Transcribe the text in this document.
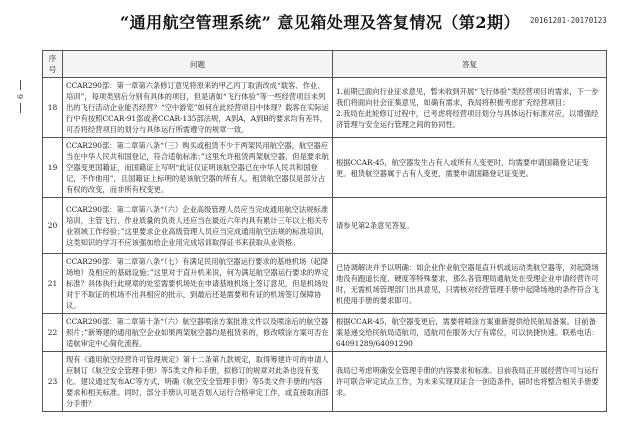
“通用航空管理系统” 意见箱处理及答复情况（第2期）	20161201-20170123
9
序号	问题	答复
18	CCAR290部：第一章第六条修订意见将原来的甲乙丙丁取消改成“载客、作业、培训”，每项类别后分别有具体的项目，但是诸如“飞行体验”等一些经营项目未列出的飞行活动企业能否经营？“空中游览”如何在此经营项目中体现？载客在实际运行中有按照CCAR-91部或者CCAR-135部法规，A到A，A到B的要求均有差异，可否将经营项目的划分与具体运行所需遵守的规章一致。	1.前期已面向行业征求意见，暂未收到开展“飞行体验”类经营项目的需求，下一步我们将面向社会征集意见，如确有需求，我局将积极考虑扩充经营项目；
2.我局在此轮修订过程中，已考虑将经营项目划分与具体运行标准对应，以增强经济管理与安全运行管理之间的协同性。

19	CCAR290部：第二章第八条“（三）购买或租赁不少于两架民用航空器，航空器应当在中华人民共和国登记，符合适航标准；”这里允许租赁两架航空器，但是要求航空器变更国籍证，而国籍证上写明“此证仅证明该航空器已在中华人民共和国登记，不作他用”，且国籍证上标明的是该航空器的所有人，租赁航空器仅是部分占有权的改变，而非所有权变更。	根据CCAR-45，航空器发生占有人或所有人变更时，均需要申请国籍登记证变更。租赁航空器属于占有人变更，需要申请国籍登记证变更。
20	CCAR290部：第二章第八条“（六）企业高级管理人员应当完成通用航空法规标准培训，主管飞行、作业质量的负责人还应当在最近六年内具有累计三年以上相关专业领域工作经验；”这里要求企业高级管理人员应当完成通用航空法规的标准培训，这类知识的学习不应该强加给企业用完成培训取得证书来获取从业资格。	请参见第2条意见答复。
21	CCAR290部：第二章第八条“（七）有满足民用航空器运行要求的基地机场（起降场地）及相应的基础设施；”这里对于直升机来说，何为满足航空器运行要求的界定标准？具体执行此规章的处室需要机场处在申请基地机场上签订意见，但是机场处对于不取证的机场不出具相应的批示，到最后还是需要和有证的机场签订保障协议。	已协调解决并予以明确：如企业作业航空器是直升机或运动类航空器等，对起降场地没有跑道长度、硬度等特殊要求，那么各管理局通航处在受理企业申请经营许可时，无需机场管理部门出具意见，只需核对经营管理手册中起降场地的条件符合飞机使用手册的要求即可。
22	CCAR290部：第二章第十条“（六）航空器喷涂方案批准文件以及喷涂后的航空器照片；”新筹建的通用航空企业如果两架航空器均是租赁来的，修改喷涂方案可否在适航审定中心简化流程。	根据CCAR-45，航空器变更后，需要将喷涂方案重新提供给民航局备案。目前备案是递交给民航局适航司，适航司在服务大厅有席位，可以快捷快速。联系电话：64091289/64091290
23	现有《通用航空经营许可管理规定》第十二条第九款规定，取得筹建许可的申请人应制订《航空安全管理手册》等5类文件和手册，拟修订的规章对此条也没有变化。建议通过发布AC等方式，明确《航空安全管理手册》等5类文件手册的内容要求和相关标准。同时，部分手册认可是否划入运行合格审定工作，或直接取消部分手册？	我局已考虑明确安全管理手册的内容要求和标准。目前我局正开展经营许可与运行许可联合审定试点工作，为未来实现双证合一创造条件，届时也将整合相关手册要求。
